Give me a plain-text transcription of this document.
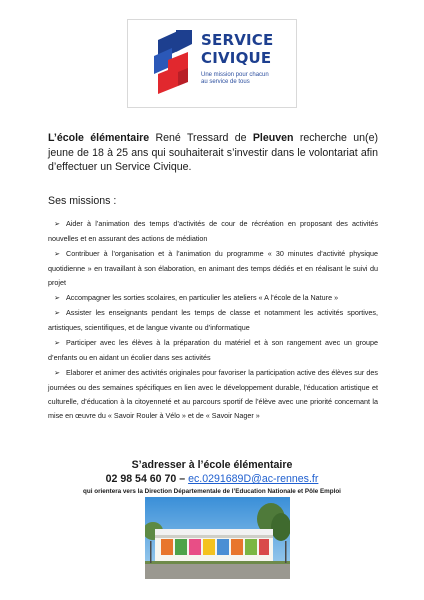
SERVICE
CIVIQUE
Une mission pour chacun
au service de tous

L’école élémentaire René Tressard de Pleuven recherche un(e) jeune de 18 à 25 ans qui souhaiterait s’investir dans le volontariat afin d’effectuer un Service Civique.

Ses missions :
➢ Aider à l’animation des temps d’activités de cour de récréation en proposant des activités nouvelles et en assurant des actions de médiation
➢ Contribuer à l’organisation et à l’animation du programme « 30 minutes d’activité physique quotidienne » en travaillant à son élaboration, en animant des temps dédiés et en réalisant le suivi du projet
➢ Accompagner les sorties scolaires, en particulier les ateliers « A l’école de la Nature »
➢ Assister les enseignants pendant les temps de classe et notamment les activités sportives, artistiques, scientifiques, et de langue vivante ou d’informatique
➢ Participer avec les élèves à la préparation du matériel et à son rangement avec un groupe d’enfants ou en aidant un écolier dans ses activités
➢ Elaborer et animer des activités originales pour favoriser la participation active des élèves sur des journées ou des semaines spécifiques en lien avec le développement durable, l’éducation artistique et culturelle, d’éducation à la citoyenneté et au parcours sportif de l’élève avec une priorité concernant la mise en œuvre du « Savoir Rouler à Vélo » et de « Savoir Nager »
S’adresser à l’école élémentaire
02 98 54 60 70 – ec.0291689D@ac-rennes.fr
qui orientera vers la Direction Départementale de l’Education Nationale et Pôle Emploi
